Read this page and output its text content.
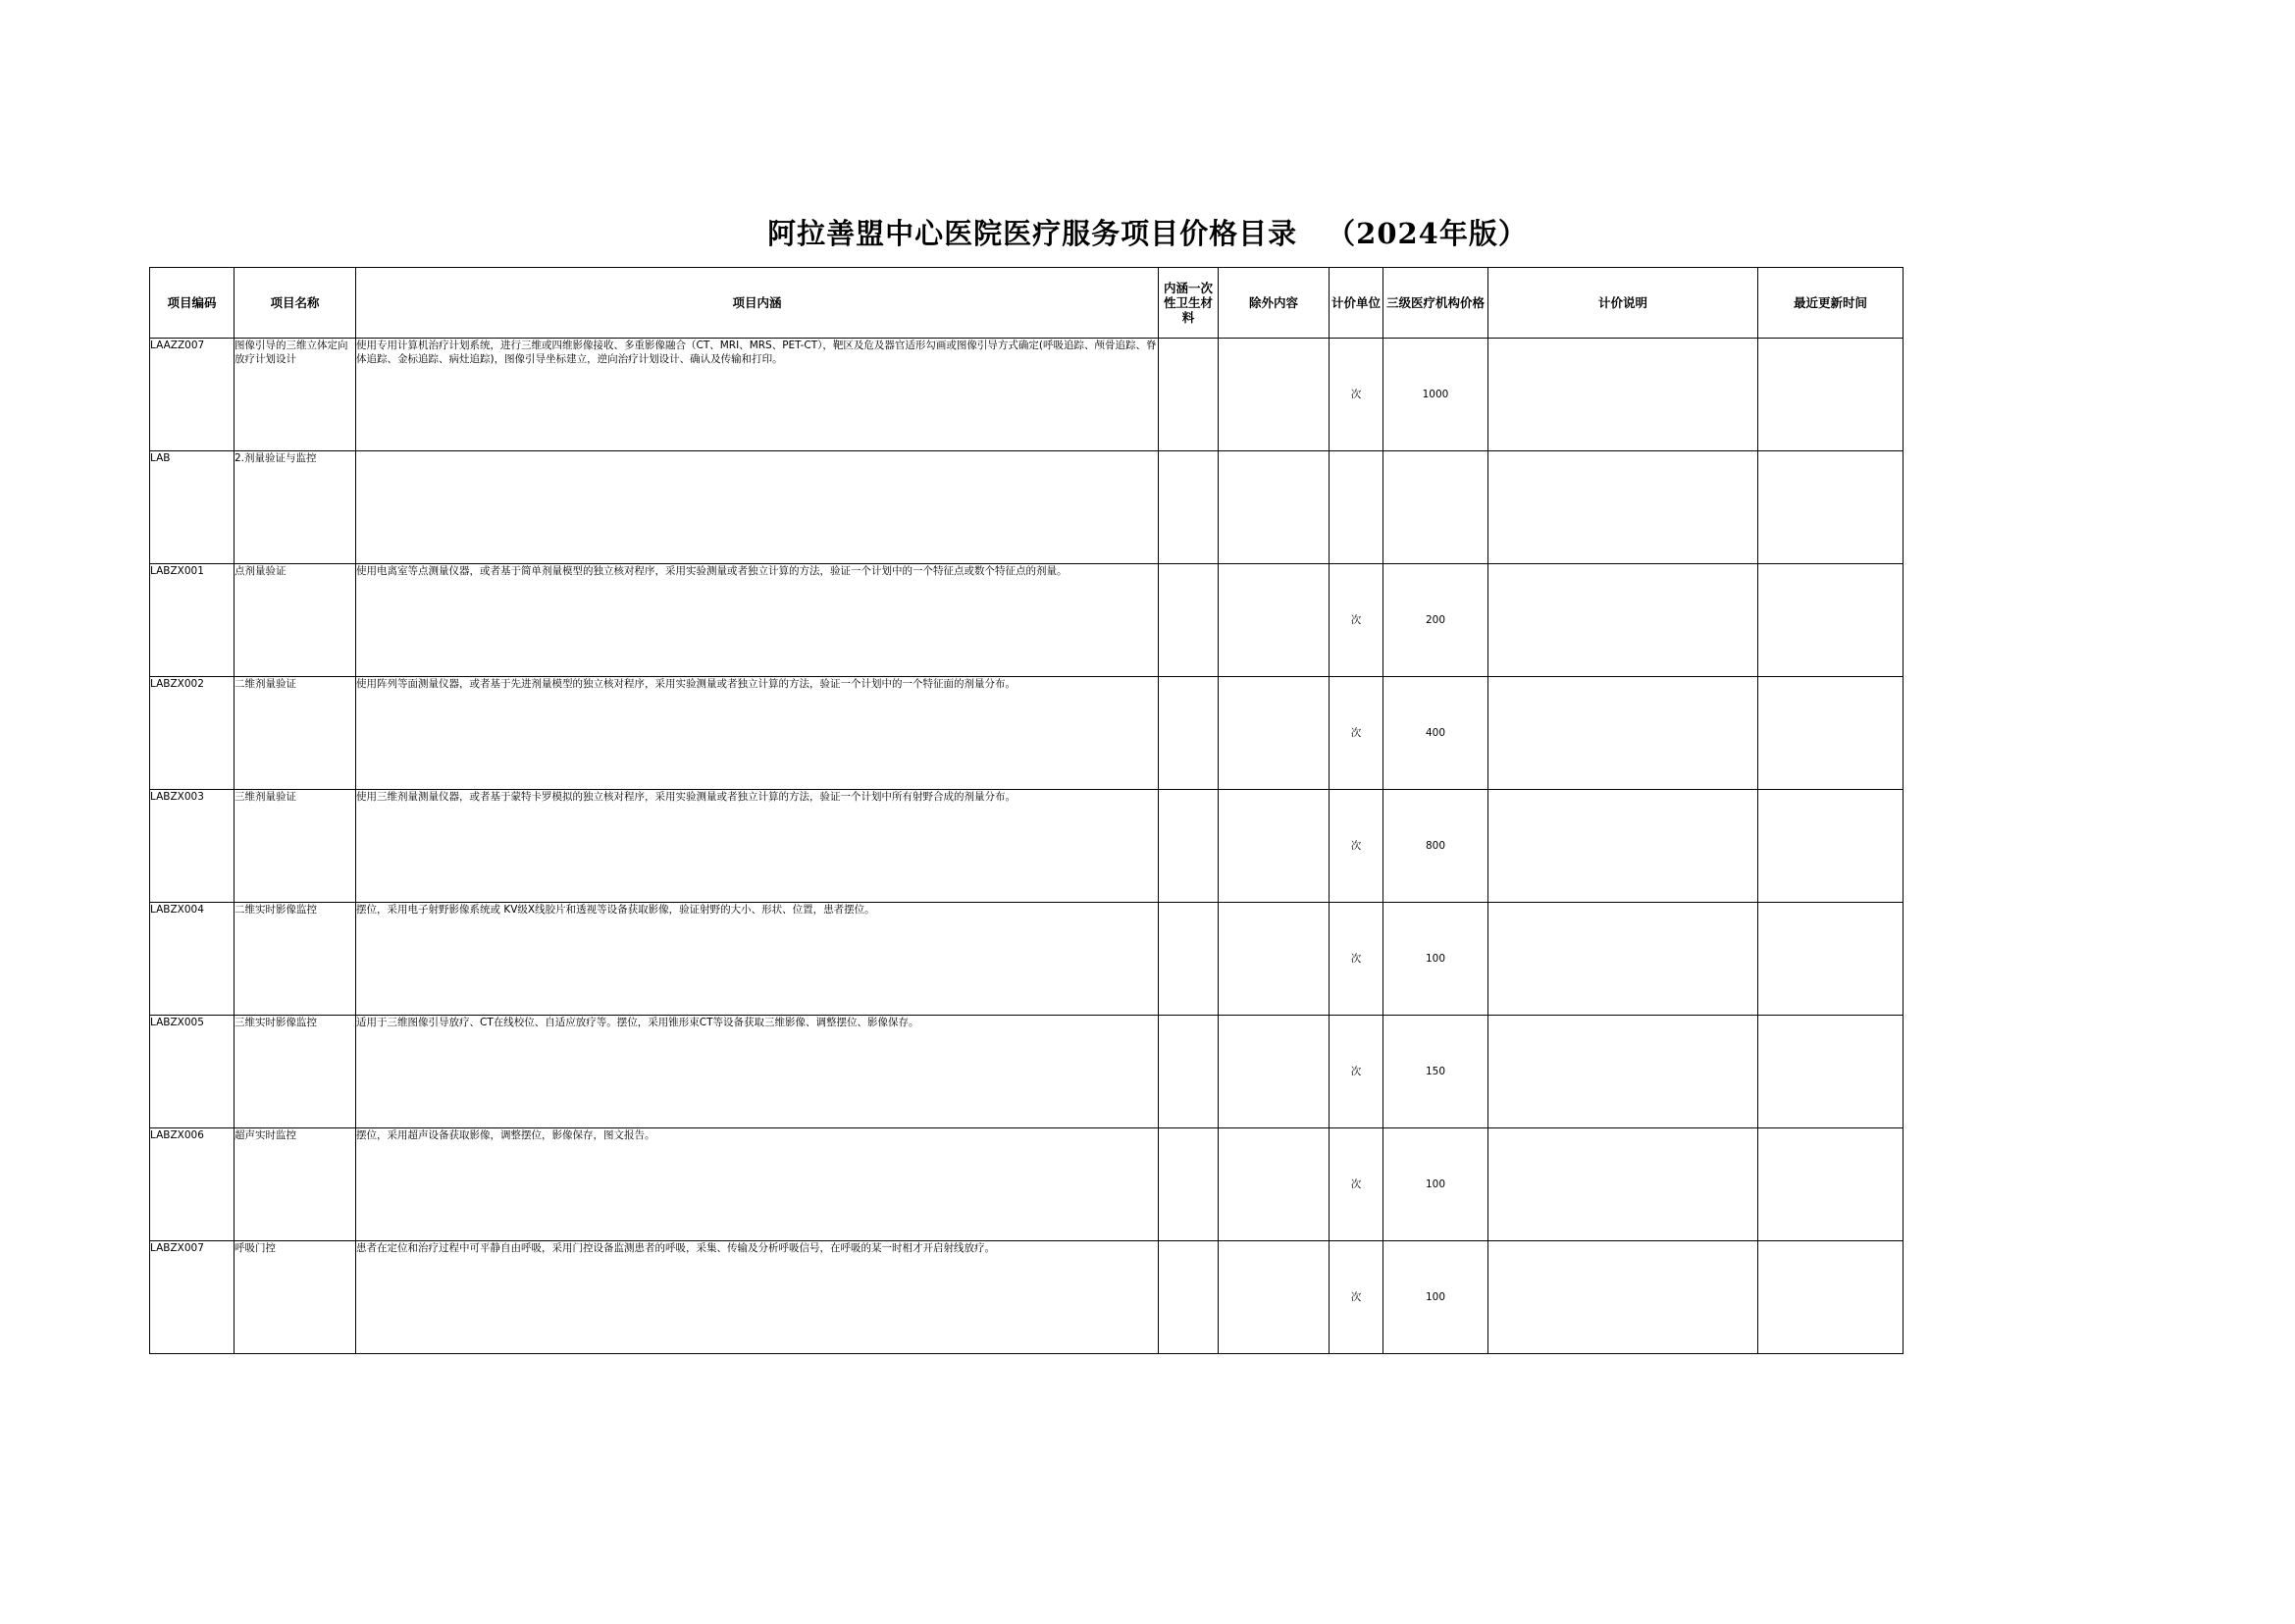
阿拉善盟中心医院医疗服务项目价格目录 （2024年版）
项目编码	项目名称	项目内涵	内涵一次性卫生材料	除外内容	计价单位	三级医疗机构价格	计价说明	最近更新时间
LAAZZ007	图像引导的三维立体定向放疗计划设计	使用专用计算机治疗计划系统，进行三维或四维影像接收、多重影像融合（CT、MRI、MRS、PET-CT），靶区及危及器官适形勾画或图像引导方式确定(呼吸追踪、颅骨追踪、脊体追踪、金标追踪、病灶追踪)，图像引导坐标建立，逆向治疗计划设计、确认及传输和打印。			次	1000		
LAB	2.剂量验证与监控							
LABZX001	点剂量验证	使用电离室等点测量仪器，或者基于简单剂量模型的独立核对程序，采用实验测量或者独立计算的方法，验证一个计划中的一个特征点或数个特征点的剂量。			次	200		
LABZX002	二维剂量验证	使用阵列等面测量仪器，或者基于先进剂量模型的独立核对程序，采用实验测量或者独立计算的方法，验证一个计划中的一个特征面的剂量分布。			次	400		
LABZX003	三维剂量验证	使用三维剂量测量仪器，或者基于蒙特卡罗模拟的独立核对程序，采用实验测量或者独立计算的方法，验证一个计划中所有射野合成的剂量分布。			次	800		
LABZX004	二维实时影像监控	摆位，采用电子射野影像系统或 KV级X线胶片和透视等设备获取影像，验证射野的大小、形状、位置，患者摆位。			次	100		
LABZX005	三维实时影像监控	适用于三维图像引导放疗、CT在线校位、自适应放疗等。摆位，采用锥形束CT等设备获取三维影像、调整摆位、影像保存。			次	150		
LABZX006	超声实时监控	摆位，采用超声设备获取影像，调整摆位，影像保存，图文报告。			次	100		
LABZX007	呼吸门控	患者在定位和治疗过程中可平静自由呼吸，采用门控设备监测患者的呼吸，采集、传输及分析呼吸信号，在呼吸的某一时相才开启射线放疗。			次	100		
